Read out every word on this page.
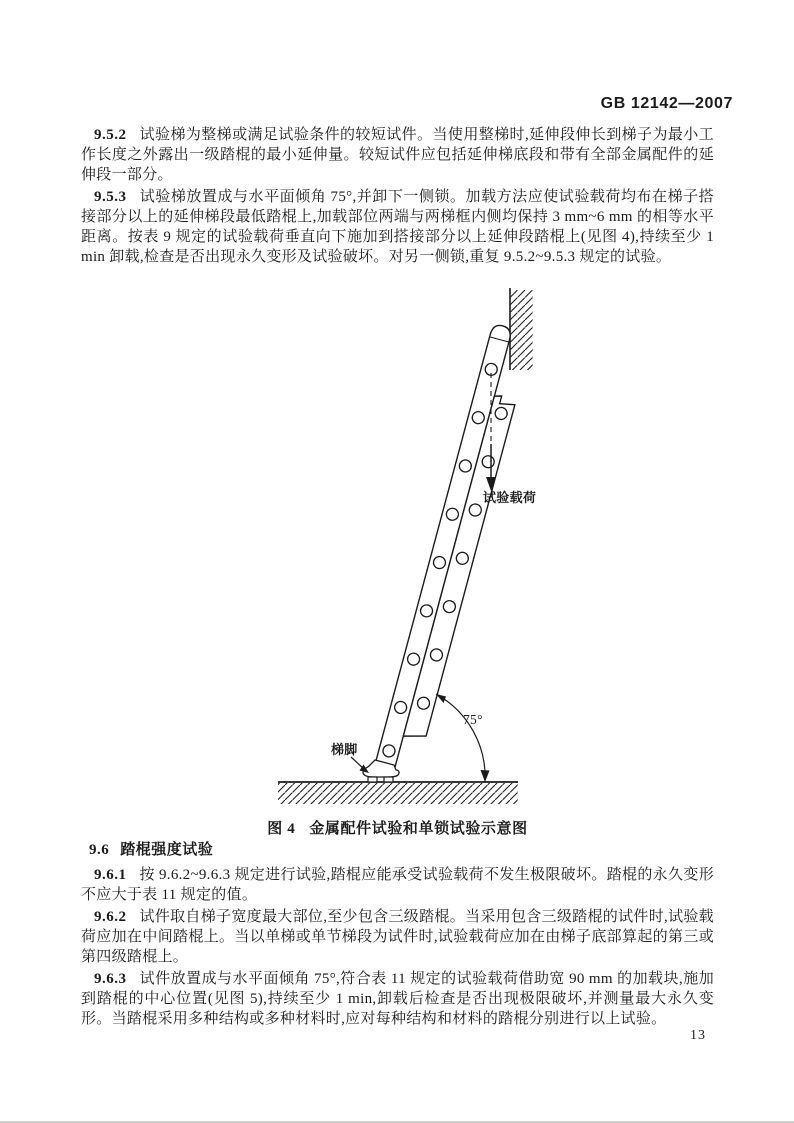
GB 12142—2007

9.5.2 试验梯为整梯或满足试验条件的较短试件。当使用整梯时,延伸段伸长到梯子为最小工作长度之外露出一级踏棍的最小延伸量。较短试件应包括延伸梯底段和带有全部金属配件的延伸段一部分。

9.5.3 试验梯放置成与水平面倾角 75°,并卸下一侧锁。加载方法应使试验载荷均布在梯子搭接部分以上的延伸梯段最低踏棍上,加载部位两端与两梯框内侧均保持 3 mm~6 mm 的相等水平距离。按表 9 规定的试验载荷垂直向下施加到搭接部分以上延伸段踏棍上(见图 4),持续至少 1 min 卸载,检查是否出现永久变形及试验破坏。对另一侧锁,重复 9.5.2~9.5.3 规定的试验。

试验载荷
75°
梯脚

图 4 金属配件试验和单锁试验示意图

9.6 踏棍强度试验

9.6.1 按 9.6.2~9.6.3 规定进行试验,踏棍应能承受试验载荷不发生极限破坏。踏棍的永久变形不应大于表 11 规定的值。

9.6.2 试件取自梯子宽度最大部位,至少包含三级踏棍。当采用包含三级踏棍的试件时,试验载荷应加在中间踏棍上。当以单梯或单节梯段为试件时,试验载荷应加在由梯子底部算起的第三或第四级踏棍上。

9.6.3 试件放置成与水平面倾角 75°,符合表 11 规定的试验载荷借助宽 90 mm 的加载块,施加到踏棍的中心位置(见图 5),持续至少 1 min,卸载后检查是否出现极限破坏,并测量最大永久变形。当踏棍采用多种结构或多种材料时,应对每种结构和材料的踏棍分别进行以上试验。

13
